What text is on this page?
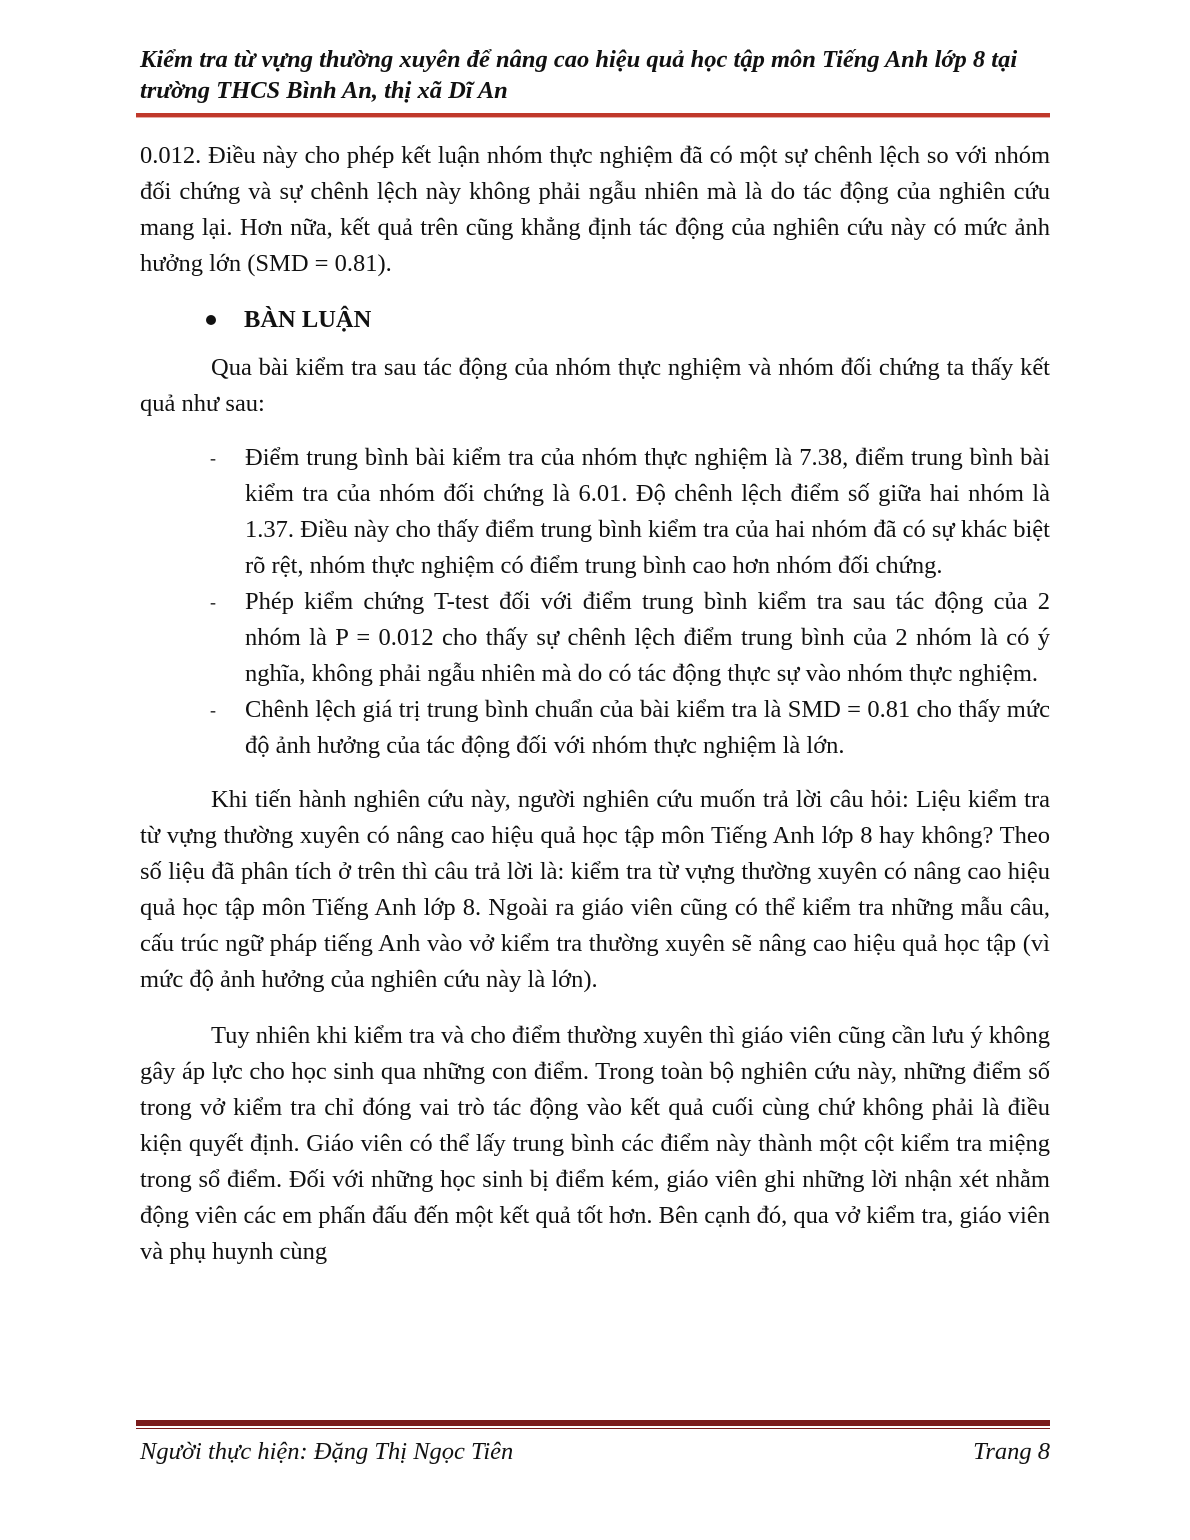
Kiểm tra từ vựng thường xuyên để nâng cao hiệu quả học tập môn Tiếng Anh lớp 8 tại trường THCS Bình An, thị xã Dĩ An

0.012. Điều này cho phép kết luận nhóm thực nghiệm đã có một sự chênh lệch so với nhóm đối chứng và sự chênh lệch này không phải ngẫu nhiên mà là do tác động của nghiên cứu mang lại. Hơn nữa, kết quả trên cũng khẳng định tác động của nghiên cứu này có mức ảnh hưởng lớn (SMD = 0.81).

BÀN LUẬN

Qua bài kiểm tra sau tác động của nhóm thực nghiệm và nhóm đối chứng ta thấy kết quả như sau:

-	Điểm trung bình bài kiểm tra của nhóm thực nghiệm là 7.38, điểm trung bình bài kiểm tra của nhóm đối chứng là 6.01. Độ chênh lệch điểm số giữa hai nhóm là 1.37. Điều này cho thấy điểm trung bình kiểm tra của hai nhóm đã có sự khác biệt rõ rệt, nhóm thực nghiệm có điểm trung bình cao hơn nhóm đối chứng.
-	Phép kiểm chứng T-test đối với điểm trung bình kiểm tra sau tác động của 2 nhóm là P = 0.012 cho thấy sự chênh lệch điểm trung bình của 2 nhóm là có ý nghĩa, không phải ngẫu nhiên mà do có tác động thực sự vào nhóm thực nghiệm.
-	Chênh lệch giá trị trung bình chuẩn của bài kiểm tra là SMD = 0.81 cho thấy mức độ ảnh hưởng của tác động đối với nhóm thực nghiệm là lớn.

Khi tiến hành nghiên cứu này, người nghiên cứu muốn trả lời câu hỏi: Liệu kiểm tra từ vựng thường xuyên có nâng cao hiệu quả học tập môn Tiếng Anh lớp 8 hay không? Theo số liệu đã phân tích ở trên thì câu trả lời là: kiểm tra từ vựng thường xuyên có nâng cao hiệu quả học tập môn Tiếng Anh lớp 8. Ngoài ra giáo viên cũng có thể kiểm tra những mẫu câu, cấu trúc ngữ pháp tiếng Anh vào vở kiểm tra thường xuyên sẽ nâng cao hiệu quả học tập (vì mức độ ảnh hưởng của nghiên cứu này là lớn).

Tuy nhiên khi kiểm tra và cho điểm thường xuyên thì giáo viên cũng cần lưu ý không gây áp lực cho học sinh qua những con điểm. Trong toàn bộ nghiên cứu này, những điểm số trong vở kiểm tra chỉ đóng vai trò tác động vào kết quả cuối cùng chứ không phải là điều kiện quyết định. Giáo viên có thể lấy trung bình các điểm này thành một cột kiểm tra miệng trong sổ điểm. Đối với những học sinh bị điểm kém, giáo viên ghi những lời nhận xét nhằm động viên các em phấn đấu đến một kết quả tốt hơn. Bên cạnh đó, qua vở kiểm tra, giáo viên và phụ huynh cùng

Người thực hiện: Đặng Thị Ngọc Tiên	Trang 8
